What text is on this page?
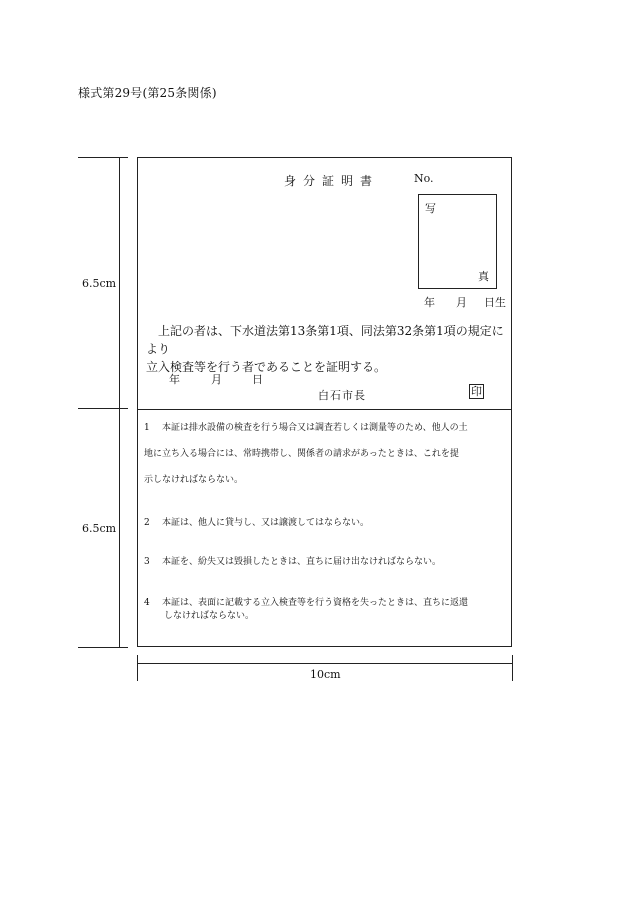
様式第29号(第25条関係)
6.5cm
6.5cm
10cm
身分証明書	No.
写
真
年 月 日生
上記の者は、下水道法第13条第1項、同法第32条第1項の規定により
立入検査等を行う者であることを証明する。
年	月	日
白石市長	印
1 本証は排水設備の検査を行う場合又は調査若しくは測量等のため、他人の土
地に立ち入る場合には、常時携帯し、関係者の請求があったときは、これを提
示しなければならない。
2 本証は、他人に貸与し、又は譲渡してはならない。
3 本証を、紛失又は毀損したときは、直ちに届け出なければならない。
4 本証は、表面に記載する立入検査等を行う資格を失ったときは、直ちに返還
しなければならない。
